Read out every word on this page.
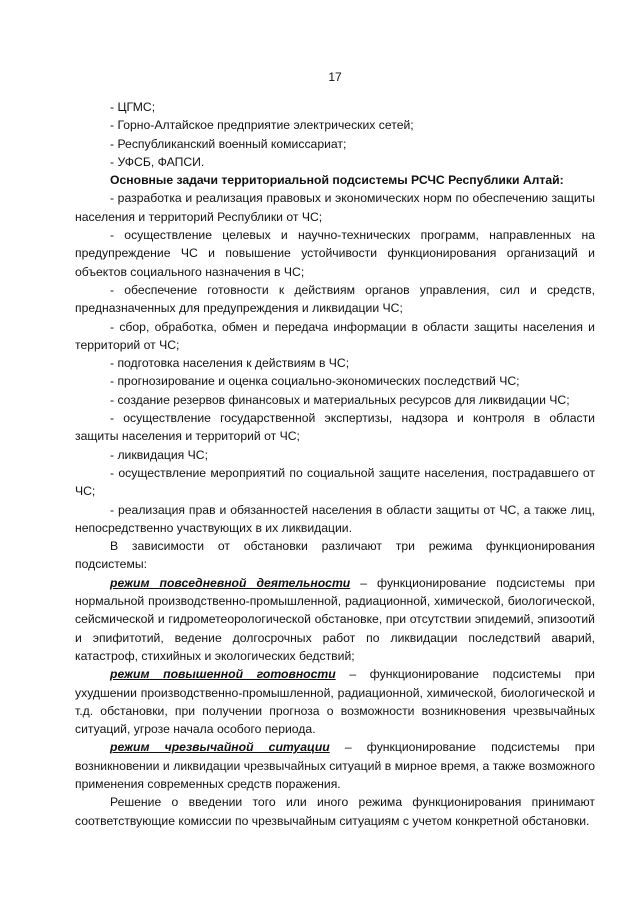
17

- ЦГМС;

- Горно-Алтайское предприятие электрических сетей;

- Республиканский военный комиссариат;

- УФСБ, ФАПСИ.

Основные задачи территориальной подсистемы РСЧС Республики Алтай:

- разработка и реализация правовых и экономических норм по обеспечению защиты населения и территорий Республики от ЧС;

- осуществление целевых и научно-технических программ, направленных на предупреждение ЧС и повышение устойчивости функционирования организаций и объектов социального назначения в ЧС;

- обеспечение готовности к действиям органов управления, сил и средств, предназначенных для предупреждения и ликвидации ЧС;

- сбор, обработка, обмен и передача информации в области защиты населения и территорий от ЧС;

- подготовка населения к действиям в ЧС;

- прогнозирование и оценка социально-экономических последствий ЧС;

- создание резервов финансовых и материальных ресурсов для ликвидации ЧС;

- осуществление государственной экспертизы, надзора и контроля в области защиты населения и территорий от ЧС;

- ликвидация ЧС;

- осуществление мероприятий по социальной защите населения, пострадавшего от ЧС;

- реализация прав и обязанностей населения в области защиты от ЧС, а также лиц, непосредственно участвующих в их ликвидации.

В зависимости от обстановки различают три режима функционирования подсистемы:

режим повседневной деятельности – функционирование подсистемы при нормальной производственно-промышленной, радиационной, химической, биологической, сейсмической и гидрометеорологической обстановке, при отсутствии эпидемий, эпизоотий и эпифитотий, ведение долгосрочных работ по ликвидации последствий аварий, катастроф, стихийных и экологических бедствий;

режим повышенной готовности – функционирование подсистемы при ухудшении производственно-промышленной, радиационной, химической, биологической и т.д. обстановки, при получении прогноза о возможности возникновения чрезвычайных ситуаций, угрозе начала особого периода.

режим чрезвычайной ситуации – функционирование подсистемы при возникновении и ликвидации чрезвычайных ситуаций в мирное время, а также возможного применения современных средств поражения.

Решение о введении того или иного режима функционирования принимают соответствующие комиссии по чрезвычайным ситуациям с учетом конкретной обстановки.
